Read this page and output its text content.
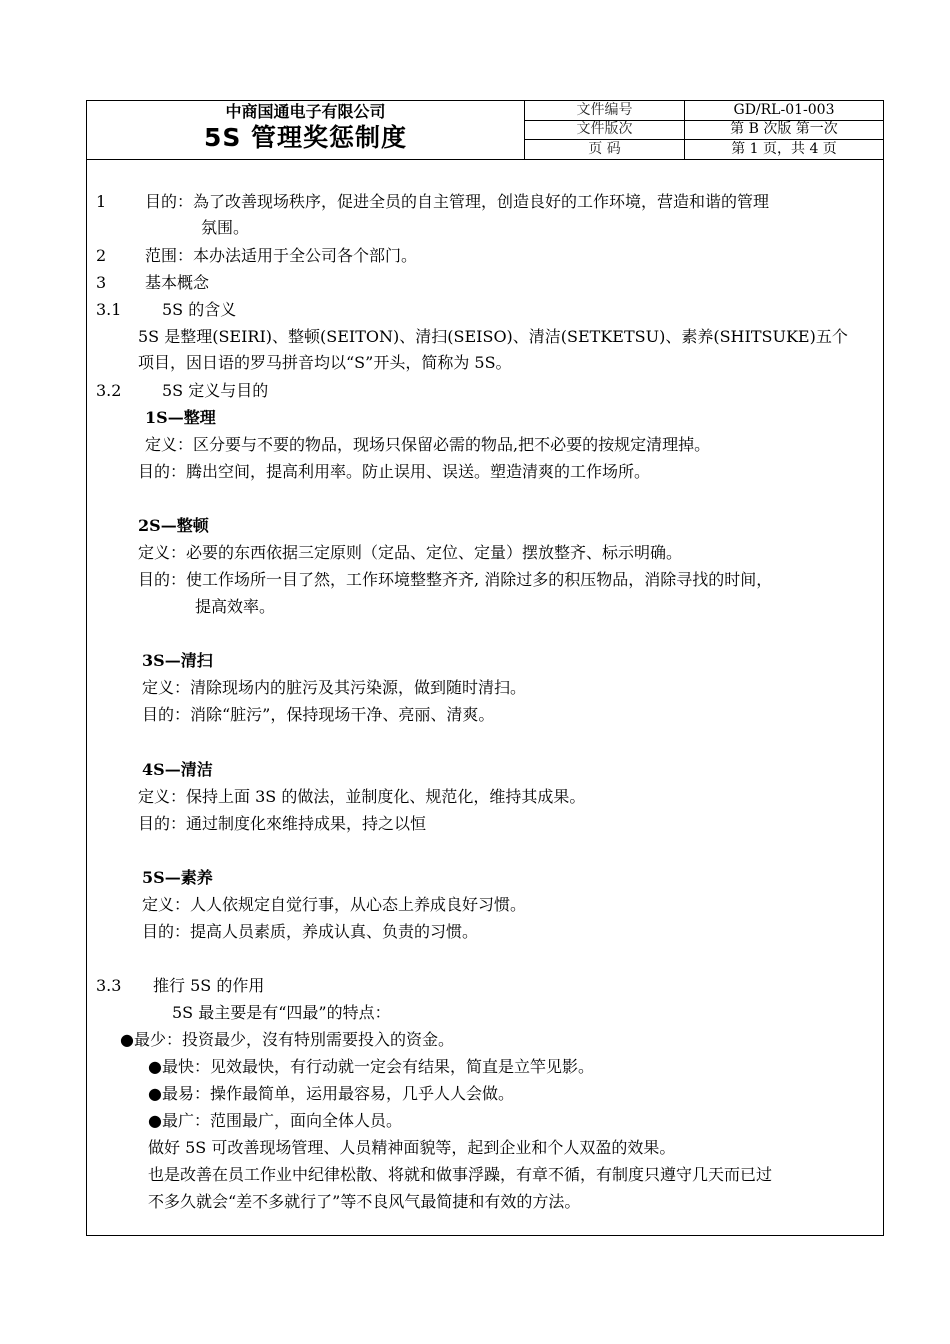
中商国通电子有限公司
5S 管理奖惩制度
文件编号	GD/RL-01-003
文件版次	第 B 次版 第一次
页 码	第 1 页，共 4 页
1 目的：為了改善现场秩序，促进全员的自主管理，创造良好的工作环境，营造和谐的管理
氛围。
2 范围：本办法适用于全公司各个部门。
3 基本概念
3.1	5S 的含义
5S 是整理(SEIRI)、整顿(SEITON)、清扫(SEISO)、清洁(SETKETSU)、素养(SHITSUKE)五个
项目，因日语的罗马拼音均以“S”开头，简称为 5S。
3.2	5S 定义与目的
1S—整理
定义：区分要与不要的物品，现场只保留必需的物品,把不必要的按规定清理掉。
目的：腾出空间，提高利用率。防止误用、误送。塑造清爽的工作场所。
2S—整顿
定义：必要的东西依据三定原则（定品、定位、定量）摆放整齐、标示明确。
目的：使工作场所一目了然，工作环境整整齐齐, 消除过多的积压物品，消除寻找的时间，
提高效率。
3S—清扫
定义：清除现场内的脏污及其污染源，做到随时清扫。
目的：消除“脏污”，保持现场干净、亮丽、清爽。
4S—清洁
定义：保持上面 3S 的做法，並制度化、规范化，维持其成果。
目的：通过制度化來维持成果，持之以恒
5S—素养
定义：人人依规定自觉行事，从心态上养成良好习惯。
目的：提高人员素质，养成认真、负责的习惯。
3.3 推行 5S 的作用
5S 最主要是有“四最”的特点：
●最少：投资最少，沒有特別需要投入的资金。
●最快：见效最快，有行动就一定会有结果，简直是立竿见影。
●最易：操作最简单，运用最容易，几乎人人会做。
●最广：范围最广，面向全体人员。
做好 5S 可改善现场管理、人员精神面貌等，起到企业和个人双盈的效果。
也是改善在员工作业中纪律松散、将就和做事浮躁，有章不循，有制度只遵守几天而已过
不多久就会“差不多就行了”等不良风气最简捷和有效的方法。
